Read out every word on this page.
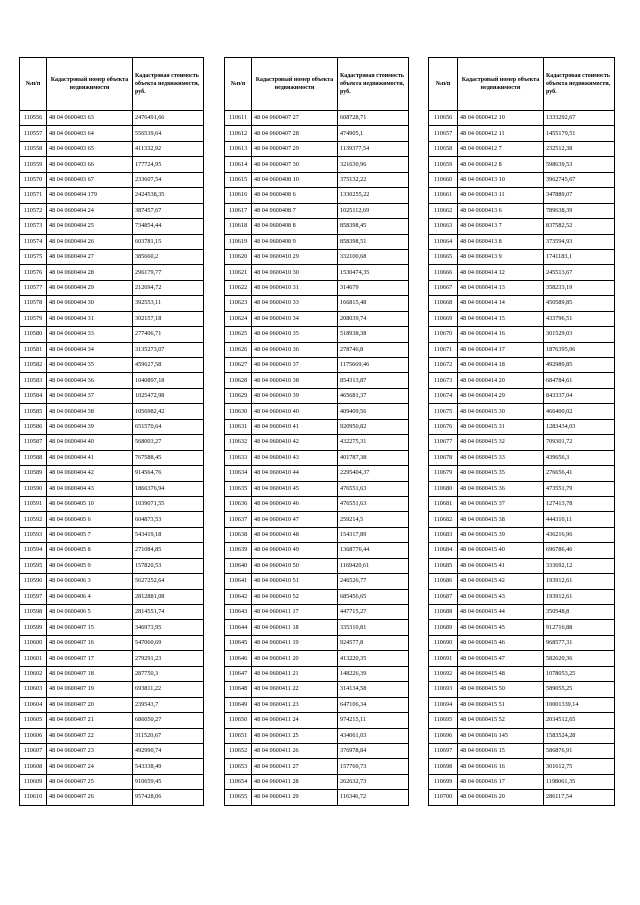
№п/п	Кадастровый номер объекта недвижимости	Кадастровая стоимость объекта недвижимости, руб.
110556	48 04 0600403 63	2476491,66
110557	48 04 0600403 64	556539,64
110558	48 04 0600403 65	411332,92
110559	48 04 0600403 66	177724,95
110570	48 04 0600403 67	233607,54
110571	48 04 0600404 179	2424538,35
110572	48 04 0600404 24	387457,67
110573	48 04 0600404 25	734854,44
110574	48 04 0600404 26	603781,15
110575	48 04 0600404 27	385660,2
110576	48 04 0600404 28	296179,77
110577	48 04 0600404 29	212694,72
110578	48 04 0600404 30	392553,11
110579	48 04 0600404 31	302157,18
110580	48 04 0600404 33	277406,71
110581	48 04 0600404 34	3135273,07
110582	48 04 0600404 35	459627,58
110583	48 04 0600404 36	1040897,18
110584	48 04 0600404 37	1025472,98
110585	48 04 0600404 38	1056982,42
110586	48 04 0600404 39	651570,64
110587	48 04 0600404 40	568003,27
110588	48 04 0600404 41	767588,45
110589	48 04 0600404 42	914564,76
110590	48 04 0600404 43	1866376,94
110591	48 04 0600405 10	1039071,55
110592	48 04 0600405 6	604873,53
110593	48 04 0600405 7	543419,18
110594	48 04 0600405 8	271084,85
110595	48 04 0600405 9	157820,53
110596	48 04 0600406 3	5627252,64
110597	48 04 0600406 4	2812881,08
110598	48 04 0600406 5	2814551,74
110599	48 04 0600407 15	346973,95
110600	48 04 0600407 16	547060,69
110601	48 04 0600407 17	279291,23
110602	48 04 0600407 18	287750,3
110603	48 04 0600407 19	693811,22
110604	48 04 0600407 20	239543,7
110605	48 04 0600407 21	686050,27
110606	48 04 0600407 22	311520,67
110607	48 04 0600407 23	492990,74
110608	48 04 0600407 24	543338,49
110609	48 04 0600407 25	910659,45
110610	48 04 0600407 26	957428,06
№п/п	Кадастровый номер объекта недвижимости	Кадастровая стоимость объекта недвижимости, руб.
110611	48 04 0600407 27	608728,71
110612	48 04 0600407 28	474905,1
110613	48 04 0600407 29	1139377,54
110614	48 04 0600407 30	321630,96
110615	48 04 0600408 10	375132,22
110616	48 04 0600408 6	1330255,22
110617	48 04 0600408 7	1025112,69
110618	48 04 0600408 8	858398,45
110619	48 04 0600408 9	858398,51
110620	48 04 0600410 29	332100,68
110621	48 04 0600410 30	1530474,35
110622	48 04 0600410 31	314679
110623	48 04 0600410 33	166815,48
110624	48 04 0600410 34	208039,74
110625	48 04 0600410 35	518938,38
110626	48 04 0600410 36	278746,8
110627	48 04 0600410 37	1175669,46
110628	48 04 0600410 38	854313,87
110629	48 04 0600410 39	465681,37
110630	48 04 0600410 40	409409,56
110631	48 04 0600410 41	920950,82
110632	48 04 0600410 42	432275,31
110633	48 04 0600410 43	401787,38
110634	48 04 0600410 44	2295404,37
110635	48 04 0600410 45	476551,63
110636	48 04 0600410 46	476551,63
110637	48 04 0600410 47	259214,5
110638	48 04 0600410 48	154317,89
110639	48 04 0600410 49	1368776,44
110640	48 04 0600410 50	1169420,61
110641	48 04 0600410 51	246526,77
110642	48 04 0600410 52	685456,65
110643	48 04 0600411 17	447715,27
110644	48 04 0600411 18	335310,81
110645	48 04 0600411 19	924577,8
110646	48 04 0600411 20	413220,35
110647	48 04 0600411 21	148226,39
110648	48 04 0600411 22	314134,58
110649	48 04 0600411 23	647106,34
110650	48 04 0600411 24	974215,11
110651	48 04 0600411 25	434061,03
110652	48 04 0600411 26	376978,84
110653	48 04 0600411 27	157769,73
110654	48 04 0600411 28	262632,73
110655	48 04 0600411 29	116346,72
№п/п	Кадастровый номер объекта недвижимости	Кадастровая стоимость объекта недвижимости, руб.
110656	48 04 0600412 10	1333292,67
110657	48 04 0600412 11	1455179,51
110658	48 04 0600412 7	232512,38
110659	48 04 0600412 8	598639,53
110660	48 04 0600413 10	3962745,67
110661	48 04 0600413 11	347889,07
110662	48 04 0600413 6	789638,39
110663	48 04 0600413 7	837582,52
110664	48 04 0600413 8	373594,93
110665	48 04 0600413 9	1741183,1
110666	48 04 0600414 12	245513,67
110667	48 04 0600414 13	358233,19
110668	48 04 0600414 14	450589,85
110669	48 04 0600414 15	433796,51
110670	48 04 0600414 16	301529,03
110671	48 04 0600414 17	1876395,06
110672	48 04 0600414 18	492989,85
110673	48 04 0600414 20	684784,61
110674	48 04 0600414 29	843337,04
110675	48 04 0600415 30	466400,02
110676	48 04 0600415 31	1283434,03
110677	48 04 0600415 32	709301,72
110678	48 04 0600415 33	439656,3
110679	48 04 0600415 35	276656,41
110680	48 04 0600415 36	473551,79
110681	48 04 0600415 37	127413,78
110682	48 04 0600415 38	444310,11
110683	48 04 0600415 39	436216,96
110684	48 04 0600415 40	696786,46
110685	48 04 0600415 41	333692,12
110686	48 04 0600415 42	193912,61
110687	48 04 0600415 43	193912,61
110688	48 04 0600415 44	350548,8
110689	48 04 0600415 45	912716,88
110690	48 04 0600415 46	968577,31
110691	48 04 0600415 47	582620,36
110692	48 04 0600415 48	1078053,25
110693	48 04 0600415 50	589055,25
110694	48 04 0600415 51	10001339,14
110695	48 04 0600415 52	2034512,65
110696	48 04 0600416 145	1583524,28
110697	48 04 0600416 15	586876,91
110698	48 04 0600416 16	301612,75
110699	48 04 0600416 17	1198061,35
110700	48 04 0600416 20	286117,54
